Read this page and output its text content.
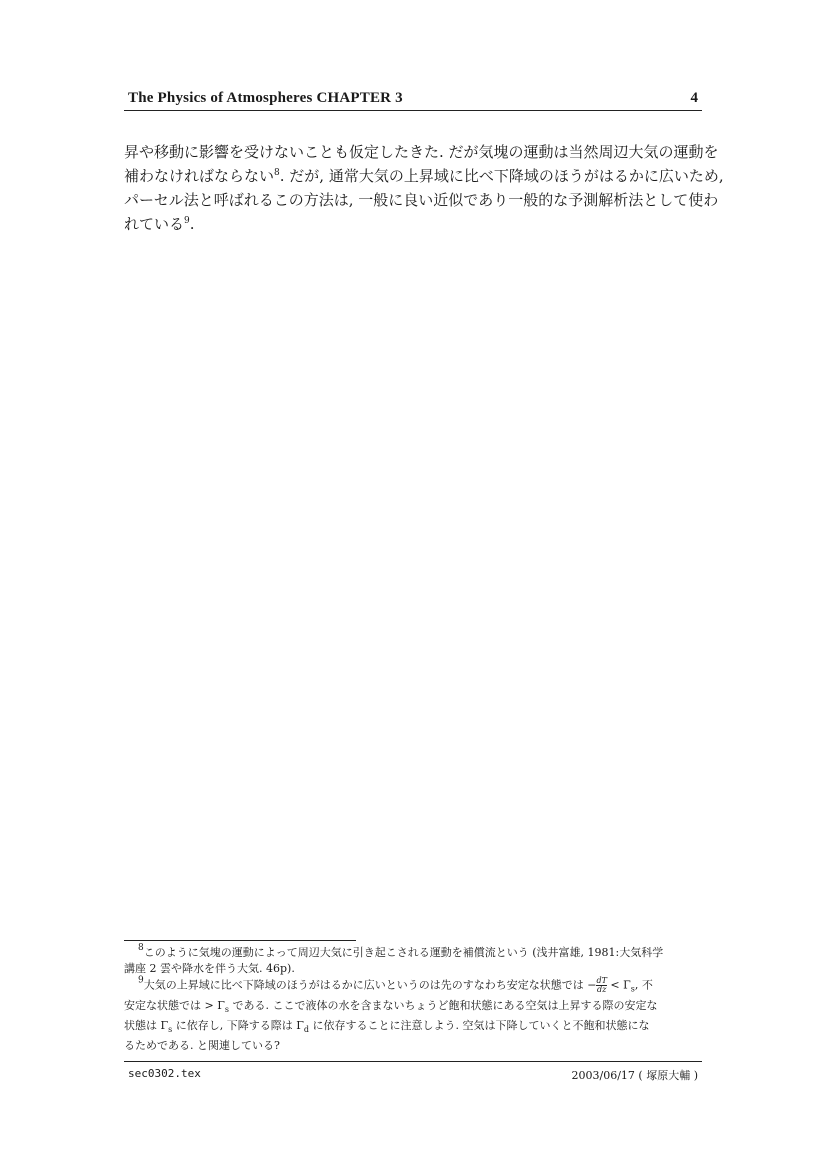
The Physics of Atmospheres CHAPTER 3	4
昇や移動に影響を受けないことも仮定したきた. だが気塊の運動は当然周辺大気の運動を
補わなければならない$^8$. だが, 通常大気の上昇域に比べ下降域のほうがはるかに広いため,
パーセル法と呼ばれるこの方法は, 一般に良い近似であり一般的な予測解析法として使わ
れている$^9$.
$^8$このように気塊の運動によって周辺大気に引き起こされる運動を補償流という (浅井富雄, 1981:大気科学
講座 2 雲や降水を伴う大気. 46p).
$^9$大気の上昇域に比べ下降域のほうがはるかに広いというのは先のすなわち安定な状態では − $\frac{dT}{dz} < \Gamma_s$, 不
安定な状態では > $\Gamma_s$ である. ここで液体の水を含まないちょうど飽和状態にある空気は上昇する際の安定な
状態は $\Gamma_s$ に依存し, 下降する際は $\Gamma_d$ に依存することに注意しよう. 空気は下降していくと不飽和状態にな
るためである. と関連している?
sec0302.tex	2003/06/17 ( 塚原大輔 )
